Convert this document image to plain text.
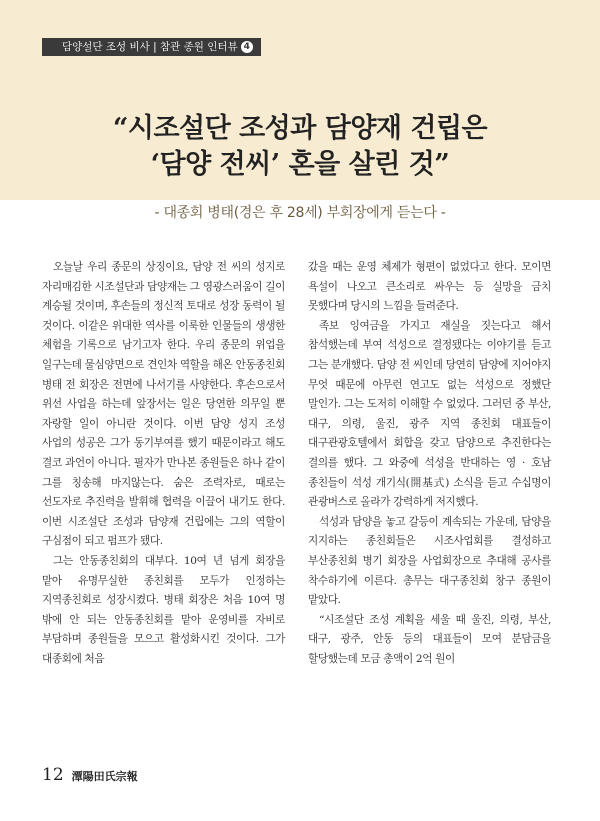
담양설단 조성 비사 | 참관 종원 인터뷰 4
“시조설단 조성과 담양재 건립은
‘담양 전씨’ 혼을 살린 것”
- 대종회 병태(경은 후 28세) 부회장에게 듣는다 -

오늘날 우리 종문의 상징이요, 담양 전 씨의 성지로 자리매김한 시조설단과 담양재는 그 영광스러움이 길이 계승될 것이며, 후손들의 정신적 토대로 성장 동력이 될 것이다. 이같은 위대한 역사를 이룩한 인물들의 생생한 체험을 기록으로 남기고자 한다. 우리 종문의 위업을 일구는데 물심양면으로 견인차 역할을 해온 안동종친회 병태 전 회장은 전면에 나서기를 사양한다. 후손으로서 위선 사업을 하는데 앞장서는 일은 당연한 의무일 뿐 자랑할 일이 아니란 것이다. 이번 담양 성지 조성 사업의 성공은 그가 동기부여를 했기 때문이라고 해도 결코 과언이 아니다. 필자가 만나본 종원들은 하나 같이 그를 칭송해 마지않는다. 숨은 조력자로, 때로는 선도자로 추진력을 발휘해 협력을 이끌어 내기도 한다. 이번 시조설단 조성과 담양재 건립에는 그의 역할이 구심점이 되고 펌프가 됐다.

그는 안동종친회의 대부다. 10여 년 넘게 회장을 맡아 유명무실한 종친회를 모두가 인정하는 지역종친회로 성장시켰다. 병태 회장은 처음 10여 명 밖에 안 되는 안동종친회를 맡아 운영비를 자비로 부담하며 종원들을 모으고 활성화시킨 것이다. 그가 대종회에 처음

갔을 때는 운영 체제가 형편이 없었다고 한다. 모이면 욕설이 나오고 큰소리로 싸우는 등 실망을 금치 못했다며 당시의 느낌을 들려준다.

족보 잉여금을 가지고 재실을 짓는다고 해서 참석했는데 부여 석성으로 결정됐다는 이야기를 듣고 그는 분개했다. 담양 전 씨인데 당연히 담양에 지어야지 무엇 때문에 아무런 연고도 없는 석성으로 정했단 말인가. 그는 도저히 이해할 수 없었다. 그러던 중 부산, 대구, 의령, 울진, 광주 지역 종친회 대표들이 대구관광호텔에서 회합을 갖고 담양으로 추진한다는 결의를 했다. 그 와중에 석성을 반대하는 영 · 호남 종친들이 석성 개기식(開基式) 소식을 듣고 수십명이 관광버스로 올라가 강력하게 저지했다.

석성과 담양을 놓고 갈등이 계속되는 가운데, 담양을 지지하는 종친회들은 시조사업회를 결성하고 부산종친회 병기 회장을 사업회장으로 추대해 공사를 착수하기에 이른다. 총무는 대구종친회 창구 종원이 맡았다.

“시조설단 조성 계획을 세울 때 울진, 의령, 부산, 대구, 광주, 안동 등의 대표들이 모여 분담금을 할당했는데 모금 총액이 2억 원이

12 潭陽田氏宗報
